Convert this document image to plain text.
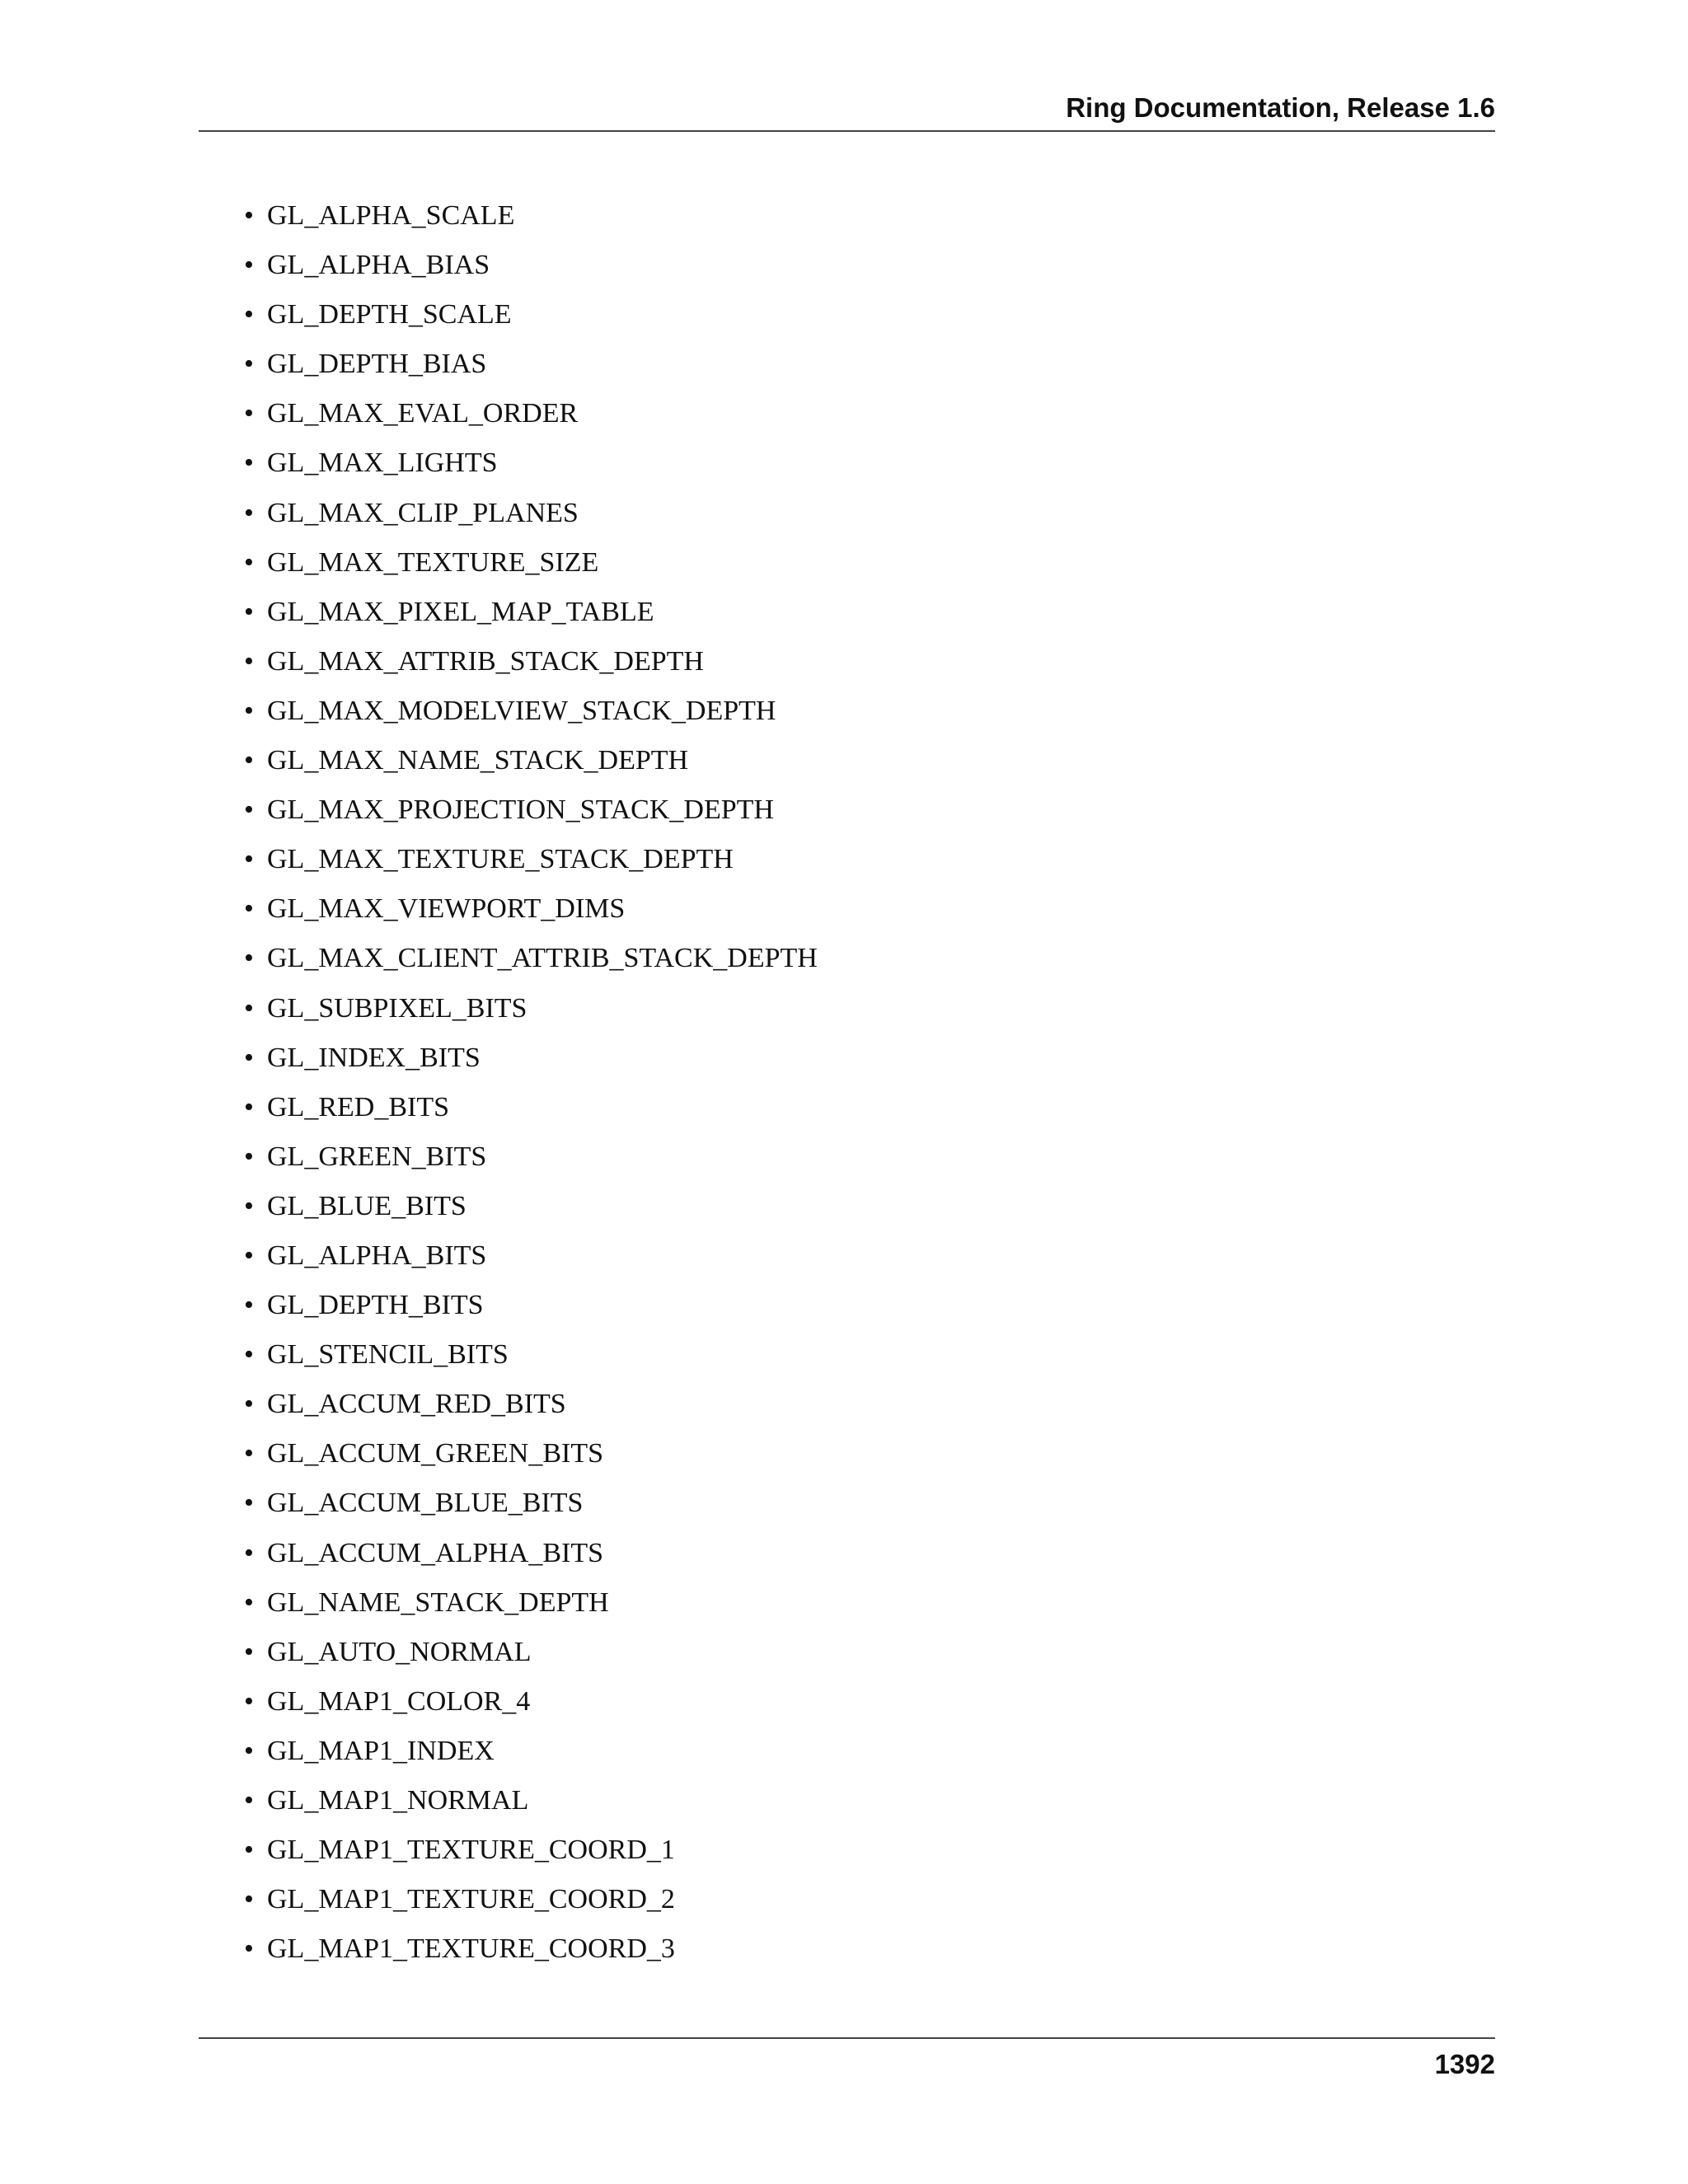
Ring Documentation, Release 1.6
• GL_ALPHA_SCALE
• GL_ALPHA_BIAS
• GL_DEPTH_SCALE
• GL_DEPTH_BIAS
• GL_MAX_EVAL_ORDER
• GL_MAX_LIGHTS
• GL_MAX_CLIP_PLANES
• GL_MAX_TEXTURE_SIZE
• GL_MAX_PIXEL_MAP_TABLE
• GL_MAX_ATTRIB_STACK_DEPTH
• GL_MAX_MODELVIEW_STACK_DEPTH
• GL_MAX_NAME_STACK_DEPTH
• GL_MAX_PROJECTION_STACK_DEPTH
• GL_MAX_TEXTURE_STACK_DEPTH
• GL_MAX_VIEWPORT_DIMS
• GL_MAX_CLIENT_ATTRIB_STACK_DEPTH
• GL_SUBPIXEL_BITS
• GL_INDEX_BITS
• GL_RED_BITS
• GL_GREEN_BITS
• GL_BLUE_BITS
• GL_ALPHA_BITS
• GL_DEPTH_BITS
• GL_STENCIL_BITS
• GL_ACCUM_RED_BITS
• GL_ACCUM_GREEN_BITS
• GL_ACCUM_BLUE_BITS
• GL_ACCUM_ALPHA_BITS
• GL_NAME_STACK_DEPTH
• GL_AUTO_NORMAL
• GL_MAP1_COLOR_4
• GL_MAP1_INDEX
• GL_MAP1_NORMAL
• GL_MAP1_TEXTURE_COORD_1
• GL_MAP1_TEXTURE_COORD_2
• GL_MAP1_TEXTURE_COORD_3
1392
